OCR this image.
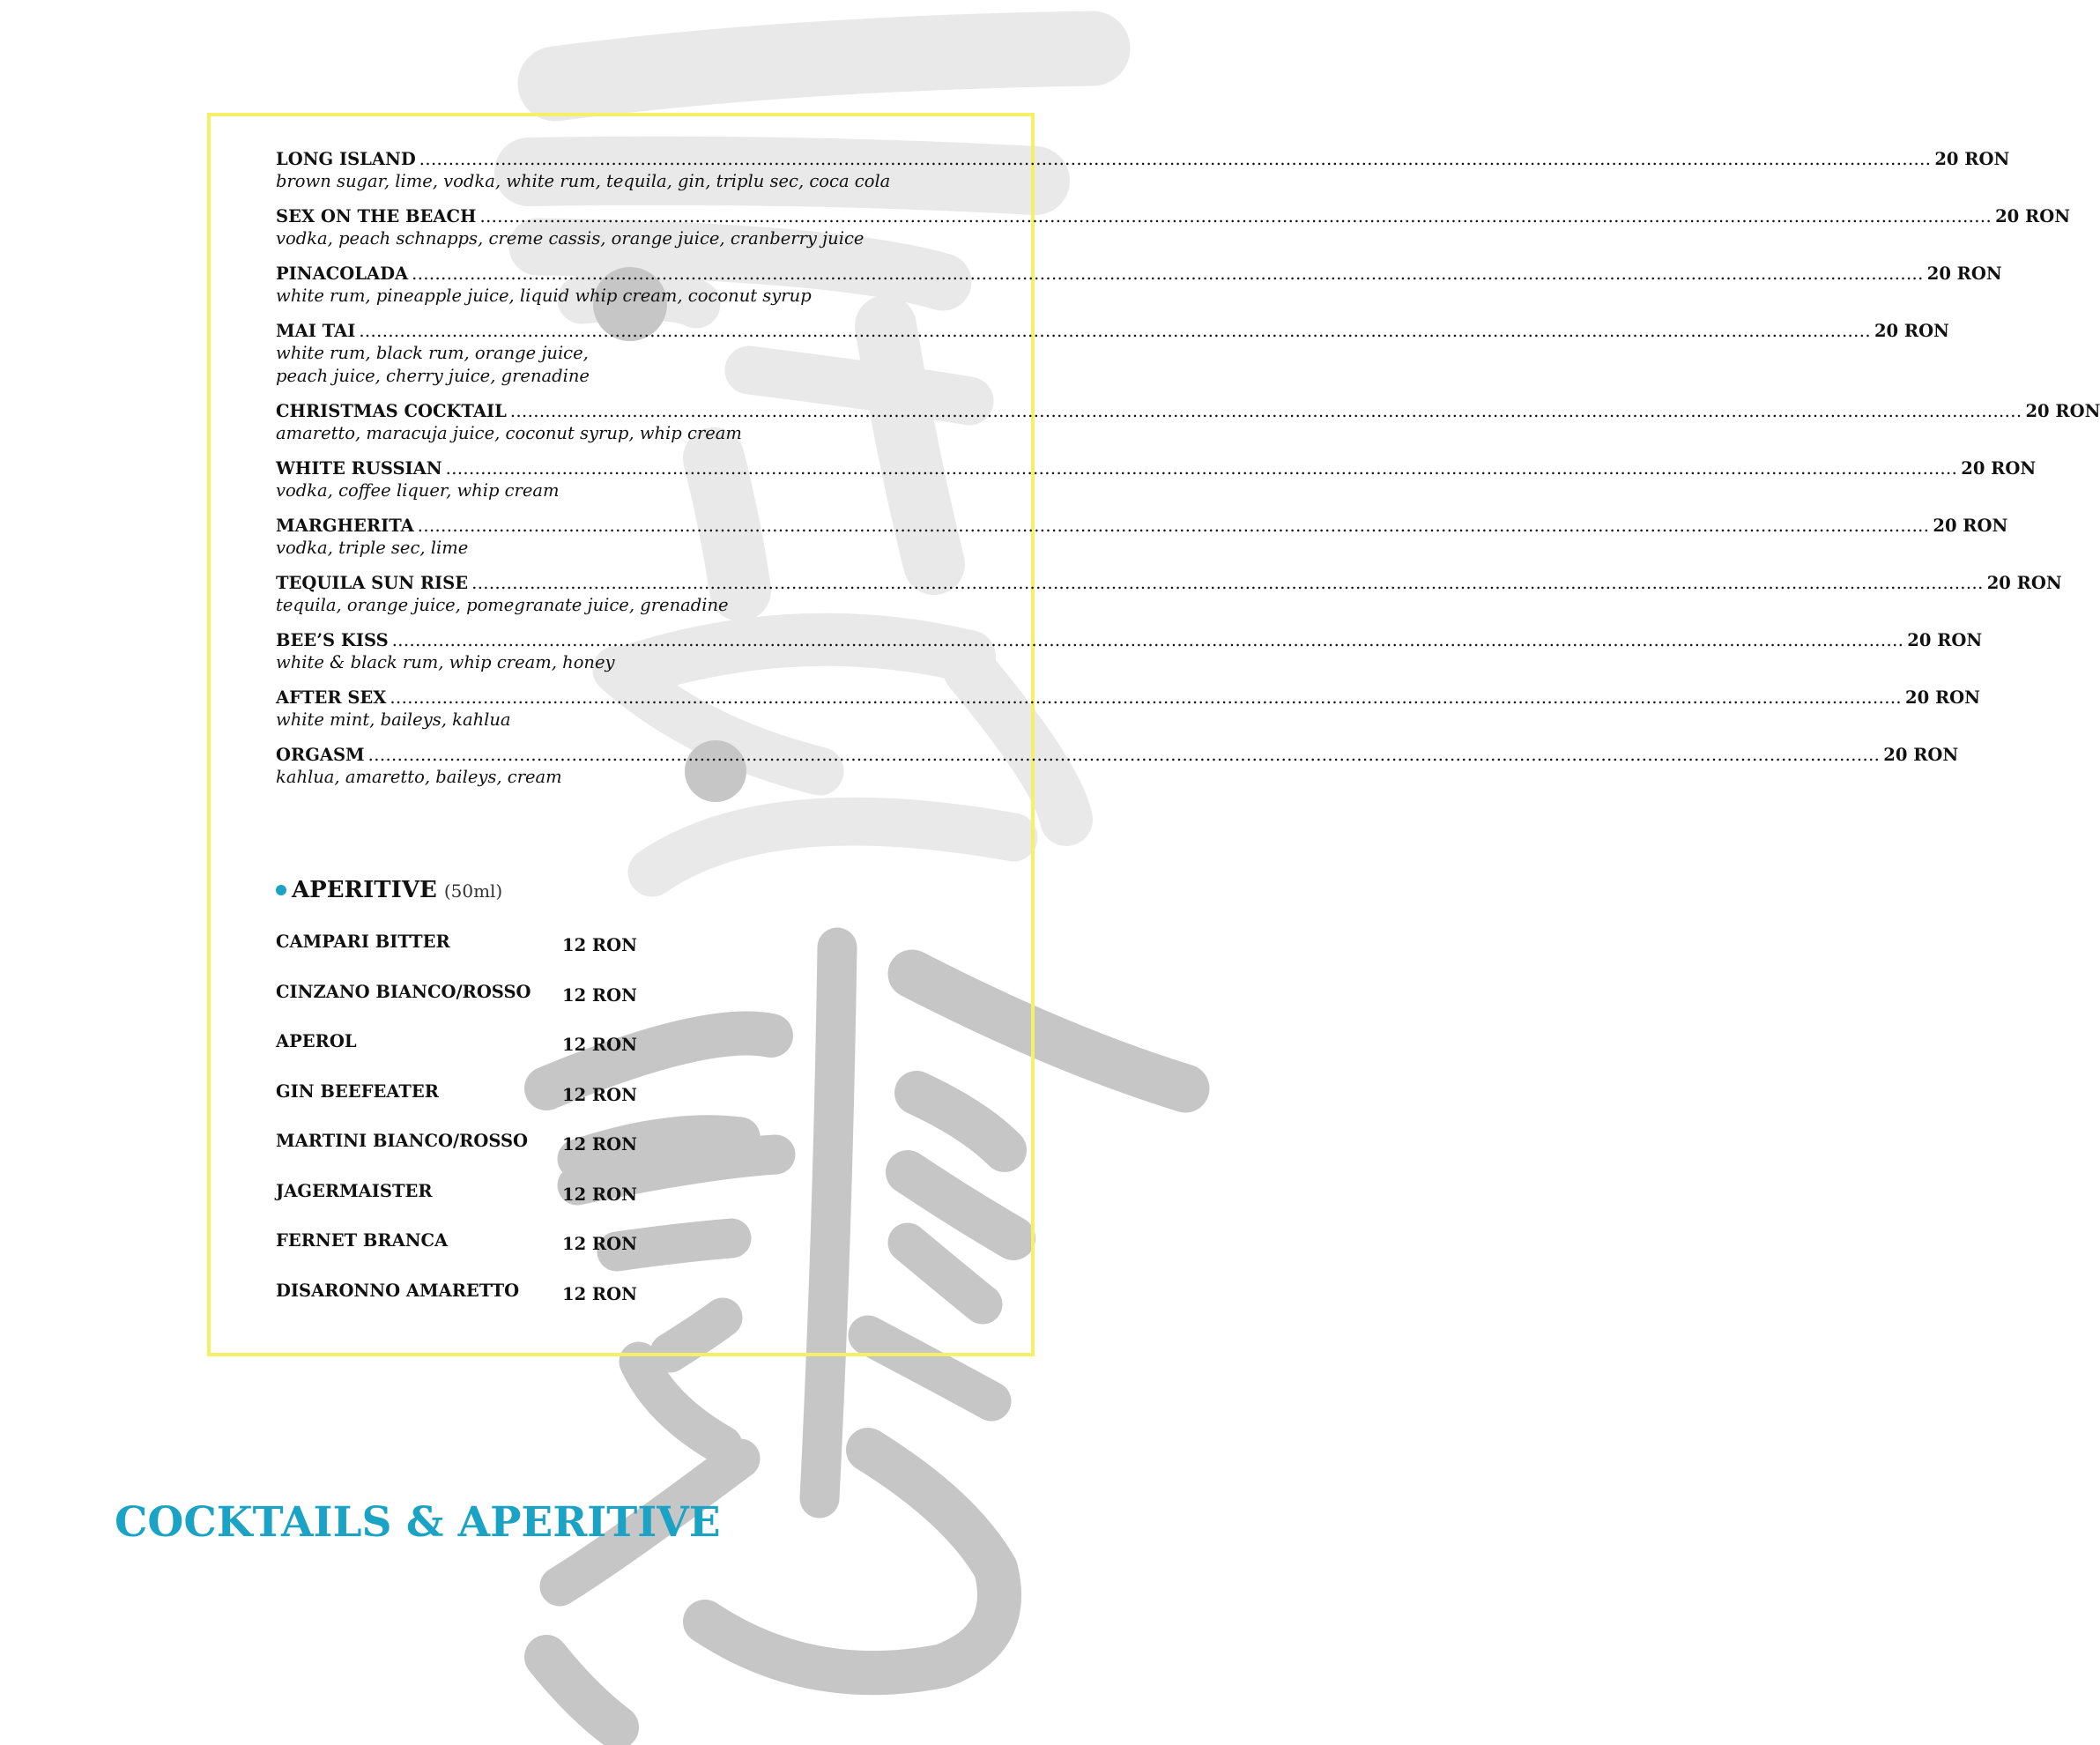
LONG ISLAND .................................................................................................................................................................................................................................................................... 20 RON
brown sugar, lime, vodka, white rum, tequila, gin, triplu sec, coca cola
SEX ON THE BEACH .................................................................................................................................................................................................................................................................... 20 RON
vodka, peach schnapps, creme cassis, orange juice, cranberry juice
PINACOLADA .................................................................................................................................................................................................................................................................... 20 RON
white rum, pineapple juice, liquid whip cream, coconut syrup
MAI TAI .................................................................................................................................................................................................................................................................... 20 RON
white rum, black rum, orange juice,
peach juice, cherry juice, grenadine
CHRISTMAS COCKTAIL .................................................................................................................................................................................................................................................................... 20 RON
amaretto, maracuja juice, coconut syrup, whip cream
WHITE RUSSIAN .................................................................................................................................................................................................................................................................... 20 RON
vodka, coffee liquer, whip cream
MARGHERITA .................................................................................................................................................................................................................................................................... 20 RON
vodka, triple sec, lime
TEQUILA SUN RISE .................................................................................................................................................................................................................................................................... 20 RON
tequila, orange juice, pomegranate juice, grenadine
BEE’S KISS .................................................................................................................................................................................................................................................................... 20 RON
white & black rum, whip cream, honey
AFTER SEX .................................................................................................................................................................................................................................................................... 20 RON
white mint, baileys, kahlua
ORGASM .................................................................................................................................................................................................................................................................... 20 RON
kahlua, amaretto, baileys, cream
APERITIVE (50ml)
CAMPARI BITTER	12 RON
CINZANO BIANCO/ROSSO 12 RON
APEROL	12 RON
GIN BEEFEATER	12 RON
MARTINI BIANCO/ROSSO 12 RON
JAGERMAISTER	12 RON
FERNET BRANCA	12 RON
DISARONNO AMARETTO	12 RON
COCKTAILS & APERITIVE
